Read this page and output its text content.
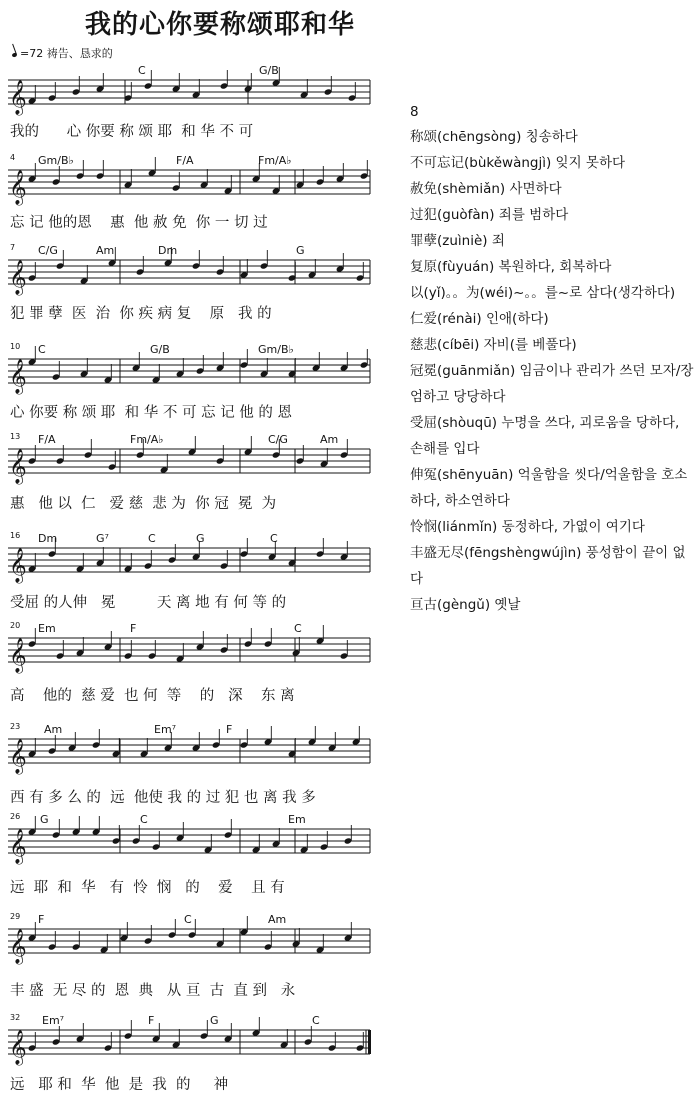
我的心你要称颂耶和华
=72 祷告、恳求的
𝄞
C	G/B
𝄞
4 Gm/B♭	F/A	Fm/A♭
𝄞
7 C/G	Am	Dm	G
𝄞
10 C	G/B	Gm/B♭
𝄞
13 F/A	Fm/A♭	C/G	Am
𝄞
16 Dm	G⁷	C	G	C
𝄞
20 Em	F	C
𝄞
23 Am	Em⁷	F
𝄞
26 G	C	Em
𝄞
29 F	C	Am
𝄞
32 Em⁷	F	G	C
我的      心 你要 称 颂 耶  和 华 不 可
忘 记 他的恩    惠  他 赦 免  你 一 切 过
犯 罪 孽  医  治  你 疾 病 复    原   我 的
心 你要 称 颂 耶  和 华 不 可 忘 记 他 的 恩
惠   他 以  仁   爱 慈  悲 为  你 冠  冕  为
受屈 的人伸   冕         天 离 地 有 何 等 的
高    他的  慈 爱  也 何  等    的   深    东 离
西 有 多 么 的  远  他使 我 的 过 犯 也 离 我 多
远  耶  和  华   有  怜  悯   的    爱    且 有
丰 盛  无 尽 的  恩  典   从 亘  古  直 到   永
远   耶 和  华  他  是  我  的     神
8
称颂(chēngsòng) 칭송하다
不可忘记(bùkěwàngjì) 잊지 못하다
赦免(shèmiǎn) 사면하다
过犯(guòfàn) 죄를 범하다
罪孽(zuìniè) 죄
复原(fùyuán) 복원하다, 회복하다
以(yǐ)。。为(wéi)~。。를~로 삼다(생각하다)
仁爱(rénài) 인애(하다)
慈悲(cíbēi) 자비(를 베풀다)
冠冕(guānmiǎn) 임금이나 관리가 쓰던 모자/장엄하고 당당하다
受屈(shòuqū) 누명을 쓰다, 괴로움을 당하다, 손해를 입다
伸冤(shēnyuān) 억울함을 씻다/억울함을 호소하다, 하소연하다
怜悯(liánmǐn) 동정하다, 가엾이 여기다
丰盛无尽(fēngshèngwújìn) 풍성함이 끝이 없다
亘古(gèngǔ) 옛날
